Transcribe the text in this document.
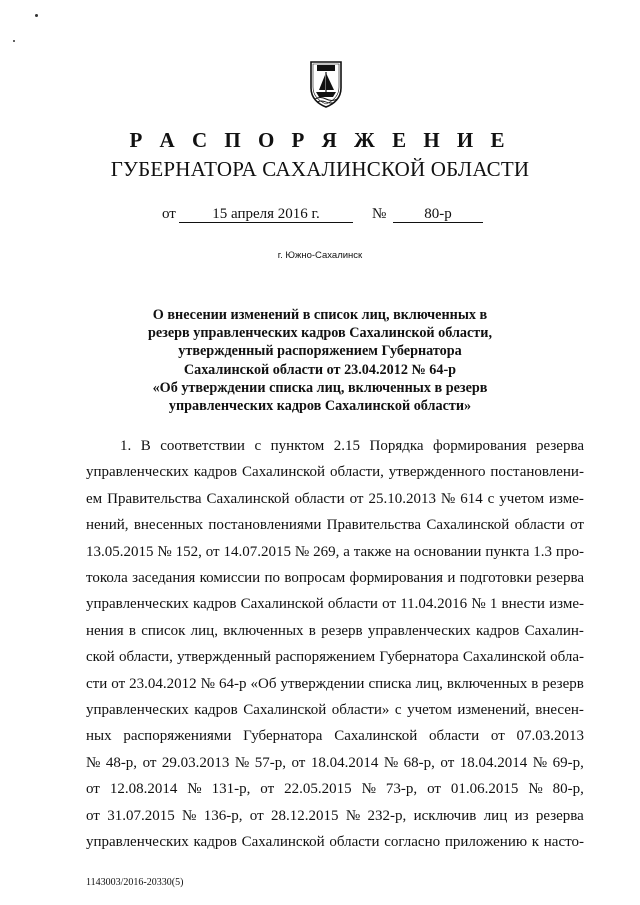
Р А С П О Р Я Ж Е Н И Е
ГУБЕРНАТОРА САХАЛИНСКОЙ ОБЛАСТИ
от	15 апреля 2016 г.	№	80-р
г. Южно-Сахалинск
О внесении изменений в список лиц, включенных в
резерв управленческих кадров Сахалинской области,
утвержденный распоряжением Губернатора
Сахалинской области от 23.04.2012 № 64-р
«Об утверждении списка лиц, включенных в резерв
управленческих кадров Сахалинской области»
1. В соответствии с пунктом 2.15 Порядка формирования резерва
управленческих кадров Сахалинской области, утвержденного постановлени-
ем Правительства Сахалинской области от 25.10.2013 № 614 с учетом изме-
нений, внесенных постановлениями Правительства Сахалинской области от
13.05.2015 № 152, от 14.07.2015 № 269, а также на основании пункта 1.3 про-
токола заседания комиссии по вопросам формирования и подготовки резерва
управленческих кадров Сахалинской области от 11.04.2016 № 1 внести изме-
нения в список лиц, включенных в резерв управленческих кадров Сахалин-
ской области, утвержденный распоряжением Губернатора Сахалинской обла-
сти от 23.04.2012 № 64-р «Об утверждении списка лиц, включенных в резерв
управленческих кадров Сахалинской области» с учетом изменений, внесен-
ных распоряжениями Губернатора Сахалинской области от 07.03.2013
№ 48-р, от 29.03.2013 № 57-р, от 18.04.2014 № 68-р, от 18.04.2014 № 69-р,
от 12.08.2014 № 131-р, от 22.05.2015 № 73-р, от 01.06.2015 № 80-р,
от 31.07.2015 № 136-р, от 28.12.2015 № 232-р, исключив лиц из резерва
управленческих кадров Сахалинской области согласно приложению к насто-
1143003/2016-20330(5)
